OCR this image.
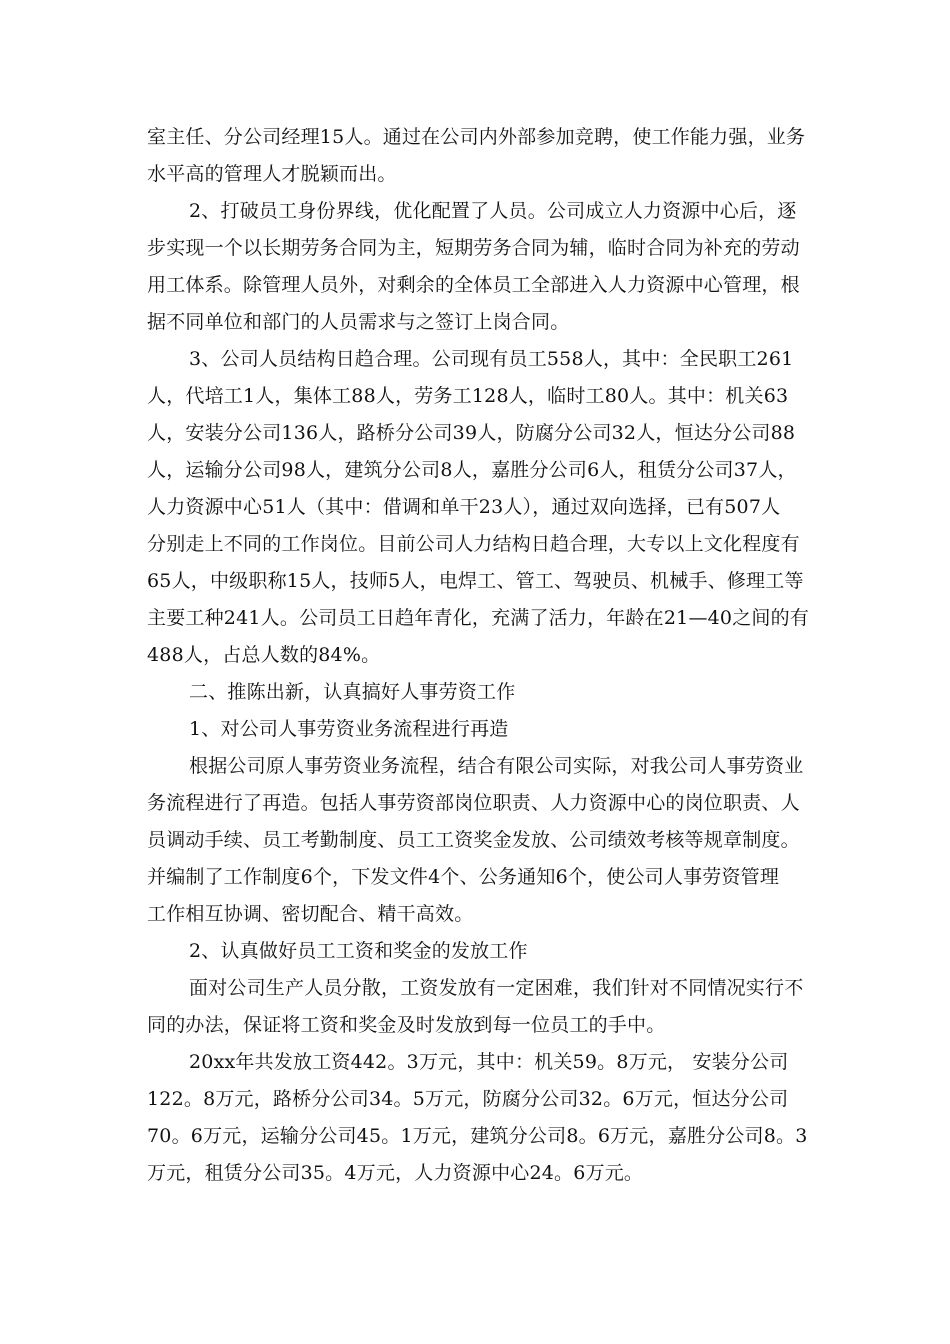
室主任、分公司经理15人。通过在公司内外部参加竞聘，使工作能力强，业务
水平高的管理人才脱颖而出。
2、打破员工身份界线，优化配置了人员。公司成立人力资源中心后，逐
步实现一个以长期劳务合同为主，短期劳务合同为辅，临时合同为补充的劳动
用工体系。除管理人员外，对剩余的全体员工全部进入人力资源中心管理，根
据不同单位和部门的人员需求与之签订上岗合同。
3、公司人员结构日趋合理。公司现有员工558人，其中：全民职工261
人，代培工1人，集体工88人，劳务工128人，临时工80人。其中：机关63
人，安装分公司136人，路桥分公司39人，防腐分公司32人，恒达分公司88
人，运输分公司98人，建筑分公司8人，嘉胜分公司6人，租赁分公司37人，
人力资源中心51人（其中：借调和单干23人），通过双向选择，已有507人
分别走上不同的工作岗位。目前公司人力结构日趋合理，大专以上文化程度有
65人，中级职称15人，技师5人，电焊工、管工、驾驶员、机械手、修理工等
主要工种241人。公司员工日趋年青化，充满了活力，年龄在21—40之间的有
488人，占总人数的84%。
二、推陈出新，认真搞好人事劳资工作
1、对公司人事劳资业务流程进行再造
根据公司原人事劳资业务流程，结合有限公司实际，对我公司人事劳资业
务流程进行了再造。包括人事劳资部岗位职责、人力资源中心的岗位职责、人
员调动手续、员工考勤制度、员工工资奖金发放、公司绩效考核等规章制度。
并编制了工作制度6个，下发文件4个、公务通知6个，使公司人事劳资管理
工作相互协调、密切配合、精干高效。
2、认真做好员工工资和奖金的发放工作
面对公司生产人员分散，工资发放有一定困难，我们针对不同情况实行不
同的办法，保证将工资和奖金及时发放到每一位员工的手中。
20xx年共发放工资442。3万元，其中：机关59。8万元， 安装分公司
122。8万元，路桥分公司34。5万元，防腐分公司32。6万元，恒达分公司
70。6万元，运输分公司45。1万元，建筑分公司8。6万元，嘉胜分公司8。3
万元，租赁分公司35。4万元，人力资源中心24。6万元。
